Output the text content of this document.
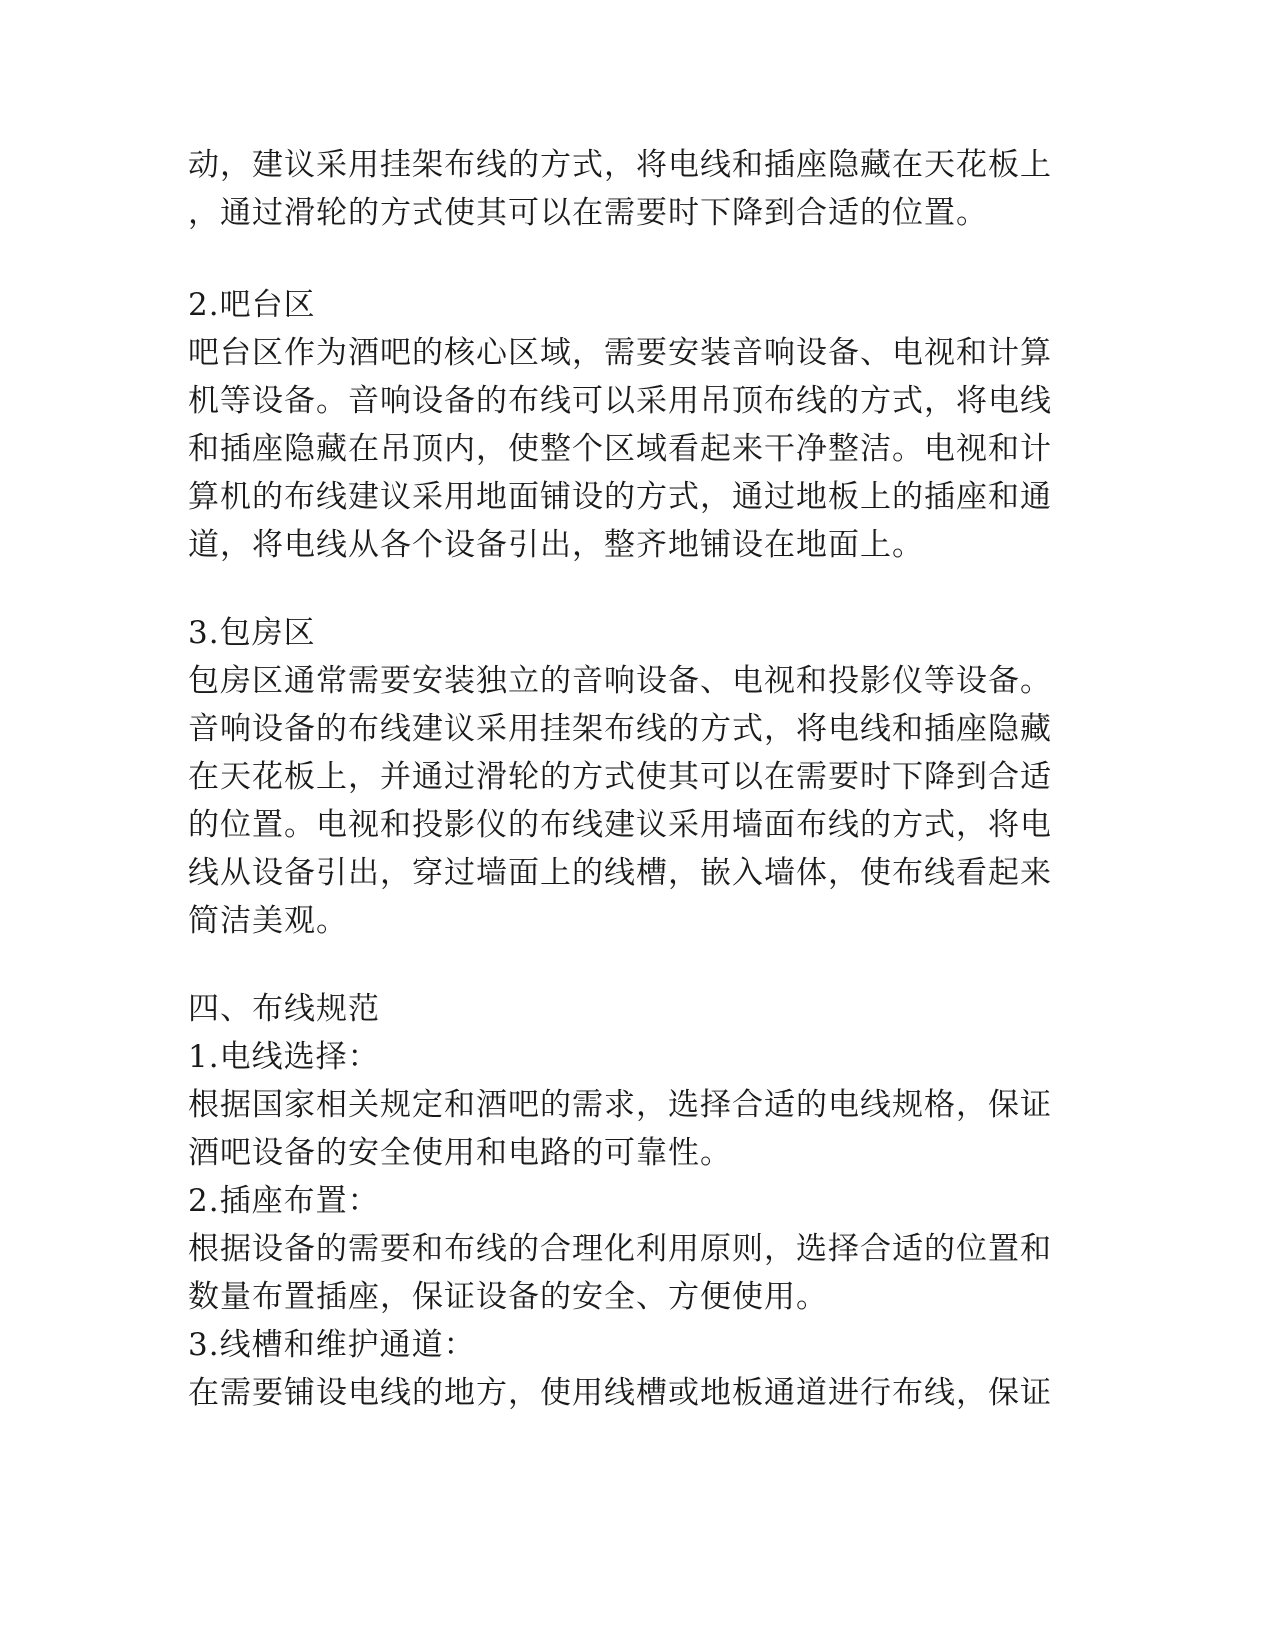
动，建议采用挂架布线的方式，将电线和插座隐藏在天花板上
，通过滑轮的方式使其可以在需要时下降到合适的位置。
2.吧台区
吧台区作为酒吧的核心区域，需要安装音响设备、电视和计算
机等设备。音响设备的布线可以采用吊顶布线的方式，将电线
和插座隐藏在吊顶内，使整个区域看起来干净整洁。电视和计
算机的布线建议采用地面铺设的方式，通过地板上的插座和通
道，将电线从各个设备引出，整齐地铺设在地面上。
3.包房区
包房区通常需要安装独立的音响设备、电视和投影仪等设备。
音响设备的布线建议采用挂架布线的方式，将电线和插座隐藏
在天花板上，并通过滑轮的方式使其可以在需要时下降到合适
的位置。电视和投影仪的布线建议采用墙面布线的方式，将电
线从设备引出，穿过墙面上的线槽，嵌入墙体，使布线看起来
简洁美观。
四、布线规范
1.电线选择：
根据国家相关规定和酒吧的需求，选择合适的电线规格，保证
酒吧设备的安全使用和电路的可靠性。
2.插座布置：
根据设备的需要和布线的合理化利用原则，选择合适的位置和
数量布置插座，保证设备的安全、方便使用。
3.线槽和维护通道：
在需要铺设电线的地方，使用线槽或地板通道进行布线，保证
